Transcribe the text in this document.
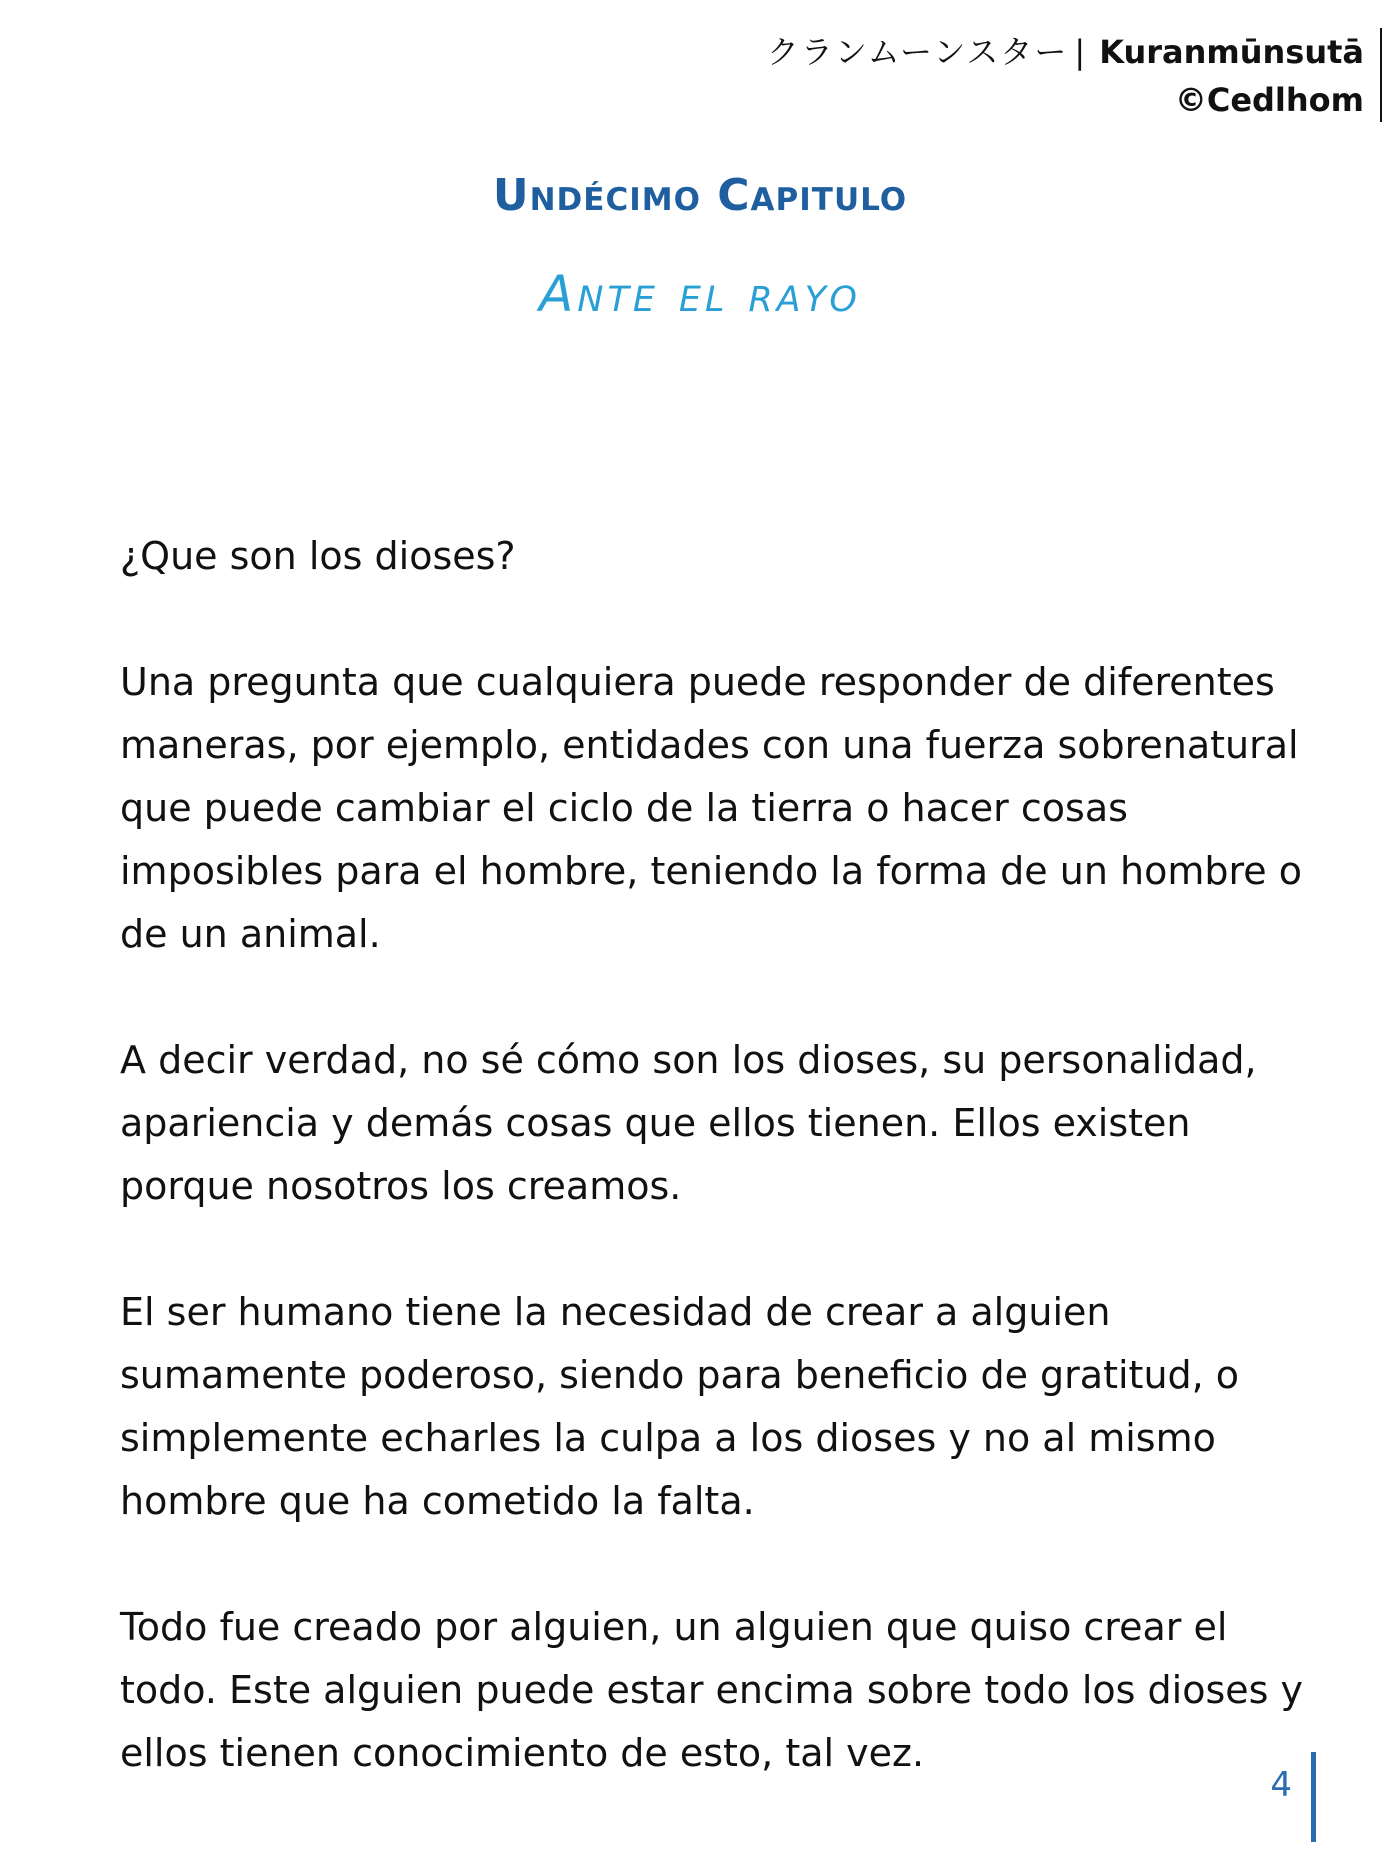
クランムーンスター | Kuranmūnsutā
©Cedlhom
Undécimo Capitulo
Ante el rayo

¿Que son los dioses?

Una pregunta que cualquiera puede responder de diferentes maneras, por ejemplo, entidades con una fuerza sobrenatural que puede cambiar el ciclo de la tierra o hacer cosas imposibles para el hombre, teniendo la forma de un hombre o de un animal.

A decir verdad, no sé cómo son los dioses, su personalidad, apariencia y demás cosas que ellos tienen. Ellos existen porque nosotros los creamos.

El ser humano tiene la necesidad de crear a alguien sumamente poderoso, siendo para beneficio de gratitud, o simplemente echarles la culpa a los dioses y no al mismo hombre que ha cometido la falta.

Todo fue creado por alguien, un alguien que quiso crear el todo. Este alguien puede estar encima sobre todo los dioses y ellos tienen conocimiento de esto, tal vez.

4
